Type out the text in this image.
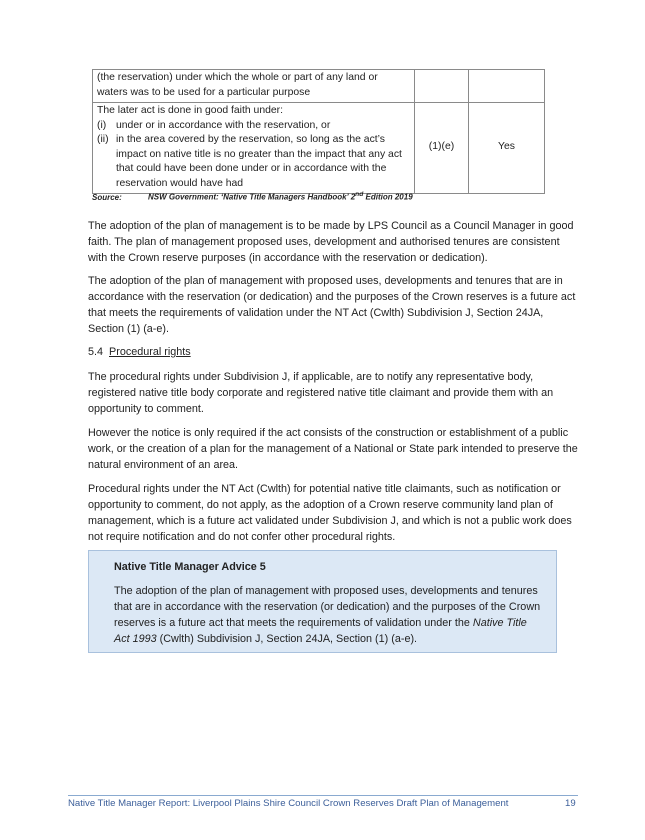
(the reservation) under which the whole or part of any land or waters was to be used for a particular purpose		

The later act is done in good faith under:
(i) under or in accordance with the reservation, or
(ii) in the area covered by the reservation, so long as the act’s impact on native title is no greater than the impact that any act that could have been done under or in accordance with the reservation would have had	(1)(e)	Yes
Source:	NSW Government: ‘Native Title Managers Handbook’ 2nd Edition 2019

The adoption of the plan of management is to be made by LPS Council as a Council Manager in good faith. The plan of management proposed uses, development and authorised tenures are consistent with the Crown reserve purposes (in accordance with the reservation or dedication).

The adoption of the plan of management with proposed uses, developments and tenures that are in accordance with the reservation (or dedication) and the purposes of the Crown reserves is a future act that meets the requirements of validation under the NT Act (Cwlth) Subdivision J, Section 24JA, Section (1) (a-e).

5.4 Procedural rights

The procedural rights under Subdivision J, if applicable, are to notify any representative body, registered native title body corporate and registered native title claimant and provide them with an opportunity to comment.

However the notice is only required if the act consists of the construction or establishment of a public work, or the creation of a plan for the management of a National or State park intended to preserve the natural environment of an area.

Procedural rights under the NT Act (Cwlth) for potential native title claimants, such as notification or opportunity to comment, do not apply, as the adoption of a Crown reserve community land plan of management, which is a future act validated under Subdivision J, and which is not a public work does not require notification and do not confer other procedural rights.

Native Title Manager Advice 5

The adoption of the plan of management with proposed uses, developments and tenures that are in accordance with the reservation (or dedication) and the purposes of the Crown reserves is a future act that meets the requirements of validation under the Native Title Act 1993 (Cwlth) Subdivision J, Section 24JA, Section (1) (a-e).

Native Title Manager Report: Liverpool Plains Shire Council Crown Reserves Draft Plan of Management	19
